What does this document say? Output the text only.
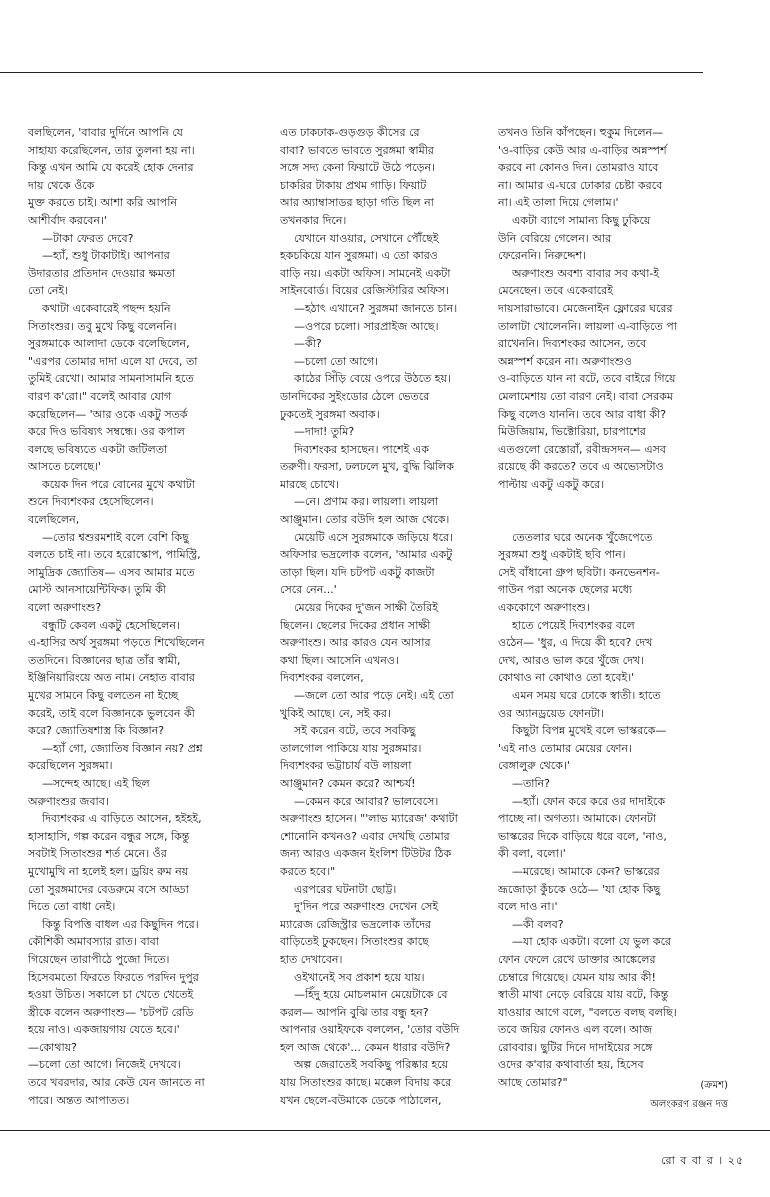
বলছিলেন, 'বাবার দুর্দিনে আপনি যে
সাহায্য করেছিলেন, তার তুলনা হয় না।
কিন্তু এখন আমি যে করেই হোক দেনার
দায় থেকে ওঁকে
মুক্ত করতে চাই। আশা করি আপনি
আশীর্বাদ করবেন।'
—টাকা ফেরত দেবে?
—হ্যাঁ, শুধু টাকাটাই। আপনার
উদারতার প্রতিদান দেওয়ার ক্ষমতা
তো নেই।
কথাটা একেবারেই পছন্দ হয়নি
সিতাংশুর। তবু মুখে কিছু বলেননি।
সুরঙ্গমাকে আলাদা ডেকে বলেছিলেন,
"এরপর তোমার দাদা এলে যা দেবে, তা
তুমিই রেখো। আমার সামনাসামনি হতে
বারণ ক'রো।" বলেই আবার যোগ
করেছিলেন— 'আর ওকে একটু সতর্ক
করে দিও ভবিষ্যৎ সম্বন্ধে। ওর কপাল
বলছে ভবিষ্যতে একটা জটিলতা
আসতে চলেছে।'
কয়েক দিন পরে বোনের মুখে কথাটা
শুনে দিব্যশংকর হেসেছিলেন।
বলেছিলেন,
—তোর শ্বশুরমশাই বলে বেশি কিছু
বলতে চাই না। তবে হরোস্কোপ, পামিস্ট্রি,
সামুদ্রিক জ্যোতিষ— এসব আমার মতে
মোস্ট আনসায়েন্টিফিক। তুমি কী
বলো অরুণাংশু?
বন্ধুটি কেবল একটু হেসেছিলেন।
এ-হাসির অর্থ সুরঙ্গমা পড়তে শিখেছিলেন
ততদিনে। বিজ্ঞানের ছাত্র তাঁর স্বামী,
ইঞ্জিনিয়ারিংয়ে অত নাম। নেহাত বাবার
মুখের সামনে কিছু বলতেন না ইচ্ছে
করেই, তাই বলে বিজ্ঞানকে ভুলবেন কী
করে? জ্যোতিষশাস্ত্র কি বিজ্ঞান?
—হ্যাঁ গো, জ্যোতিষ বিজ্ঞান নয়? প্রশ্ন
করেছিলেন সুরঙ্গমা।
—সন্দেহ আছে। এই ছিল
অরুণাংশুর জবাব।
দিব্যশংকর এ বাড়িতে আসেন, হইহই,
হাসাহাসি, গল্প করেন বন্ধুর সঙ্গে, কিন্তু
সবটাই সিতাংশুর শর্ত মেনে। ওঁর
মুখোমুখি না হলেই হল। ড্রয়িং রুম নয়
তো সুরঙ্গমাদের বেডরুমে বসে আড্ডা
দিতে তো বাধা নেই।
কিন্তু বিপত্তি বাধল এর কিছুদিন পরে।
কৌশিকী অমাবস্যার রাত। বাবা
গিয়েছেন তারাপীঠে পুজো দিতে।
হিসেবমতো ফিরতে ফিরতে পরদিন দুপুর
হওয়া উচিত। সকালে চা খেতে খেতেই
স্ত্রীকে বলেন অরুণাংশু— 'চটপট রেডি
হয়ে নাও। একজায়গায় যেতে হবে।'
—কোথায়?
—চলো তো আগে। নিজেই দেখবে।
তবে খবরদার, আর কেউ যেন জানতে না
পারে। অন্তত আপাতত।
এত ঢাকঢাক-গুড়গুড় কীসের রে
বাবা? ভাবতে ভাবতে সুরঙ্গমা স্বামীর
সঙ্গে সদ্য কেনা ফিয়াটে উঠে পড়েন।
চাকরির টাকায় প্রথম গাড়ি। ফিয়াট
আর অ্যাম্বাসাডর ছাড়া গতি ছিল না
তখনকার দিনে।
যেখানে যাওয়ার, সেখানে পৌঁছেই
হকচকিয়ে যান সুরঙ্গমা। এ তো কারও
বাড়ি নয়। একটা অফিস। সামনেই একটা
সাইনবোর্ড। বিয়ের রেজিস্টারির অফিস।
—হঠাৎ এখানে? সুরঙ্গমা জানতে চান।
—ওপরে চলো। সারপ্রাইজ আছে।
—কী?
—চলো তো আগে।
কাঠের সিঁড়ি বেয়ে ওপরে উঠতে হয়।
ডানদিকের সুইংডোর ঠেলে ভেতরে
ঢুকতেই সুরঙ্গমা অবাক।
—দাদা! তুমি?
দিব্যশংকর হাসছেন। পাশেই এক
তরুণী। ফরসা, ঢলঢলে মুখ, বুদ্ধি ঝিলিক
মারছে চোখে।
—নে। প্রণাম কর। লায়লা। লায়লা
আঞ্জুমান। তোর বউদি হল আজ থেকে।
মেয়েটি এসে সুরঙ্গমাকে জড়িয়ে ধরে।
অফিসার ভদ্রলোক বলেন, 'আমার একটু
তাড়া ছিল। যদি চটপট একটু কাজটা
সেরে নেন...'
মেয়ের দিকের দু'জন সাক্ষী তৈরিই
ছিলেন। ছেলের দিকের প্রধান সাক্ষী
অরুণাংশু। আর কারও যেন আসার
কথা ছিল। আসেনি এখনও।
দিব্যশংকর বললেন,
—জলে তো আর পড়ে নেই। এই তো
খুকিই আছে। নে, সই কর।
সই করেন বটে, তবে সবকিছু
তালগোল পাকিয়ে যায় সুরঙ্গমার।
দিব্যশংকর ভট্টাচার্য বউ লায়লা
আঞ্জুমান? কেমন করে? আশ্চর্য!
—কেমন করে আবার? ভালবেসে।
অরুণাংশু হাসেন। "'লাভ ম্যারেজ' কথাটা
শোনোনি কখনও? এবার দেখছি তোমার
জন্য আরও একজন ইংলিশ টিউটর ঠিক
করতে হবে।"
এরপরের ঘটনাটা ছোট্ট।
দু'দিন পরে অরুণাংশু দেখেন সেই
ম্যারেজ রেজিস্ট্রার ভদ্রলোক তাঁদের
বাড়িতেই ঢুকছেন। সিতাংশুর কাছে
হাত দেখাবেন।
ওইখানেই সব প্রকাশ হয়ে যায়।
—হিঁদু হয়ে মোচলমান মেয়েটাকে বে
করল— আপনি বুঝি তার বন্ধু হন?
আপনার ওয়াইফকে বললেন, 'তোর বউদি
হল আজ থেকে'... কেমন ধারার বউদি?
অল্প জেরাতেই সবকিছু পরিষ্কার হয়ে
যায় সিতাংশুর কাছে। মক্কেল বিদায় করে
যখন ছেলে-বউমাকে ডেকে পাঠালেন,
তখনও তিনি কাঁপছেন। হুকুম দিলেন—
'ও-বাড়ির কেউ আর এ-বাড়ির অন্নস্পর্শ
করবে না কোনও দিন। তোমরাও যাবে
না। আমার এ-ঘরে ঢোকার চেষ্টা করবে
না। এই তালা দিয়ে গেলাম।'
একটা ব্যাগে সামান্য কিছু ঢুকিয়ে
উনি বেরিয়ে গেলেন। আর
ফেরেননি। নিরুদ্দেশ।
অরুণাংশু অবশ্য বাবার সব কথা-ই
মেনেছেন। তবে একেবারেই
দায়সারাভাবে। মেজেনাইন ফ্লোরের ঘরের
তালাটা খোলেননি। লায়লা এ-বাড়িতে পা
রাখেননি। দিব্যশংকর আসেন, তবে
অন্নস্পর্শ করেন না। অরুণাংশুও
ও-বাড়িতে যান না বটে, তবে বাইরে গিয়ে
মেলামেশায় তো বারণ নেই। বাবা সেরকম
কিছু বলেও যাননি। তবে আর বাধা কী?
মিউজিয়াম, ভিক্টোরিয়া, চারপাশের
এতগুলো রেস্তোরাঁ, রবীন্দ্রসদন— এসব
রয়েছে কী করতে? তবে এ অভ্যেসটাও
পাল্টায় একটু একটু করে।
তেতলার ঘরে অনেক খুঁজেপেতে
সুরঙ্গমা শুধু একটাই ছবি পান।
সেই বাঁধানো গ্রুপ ছবিটা। কনভেনশন-
গাউন পরা অনেক ছেলের মধ্যে
এককোণে অরুণাংশু।
হাতে পেয়েই দিব্যশংকর বলে
ওঠেন— 'ধুর, এ দিয়ে কী হবে? দেখ
দেখ, আরও ভাল করে খুঁজে দেখ।
কোথাও না কোথাও তো হবেই।'
এমন সময় ঘরে ঢোকে স্বাতী। হাতে
ওর অ্যানড্রয়েড ফোনটা।
কিছুটা বিপন্ন মুখেই বলে ভাস্করকে—
'এই নাও তোমার মেয়ের ফোন।
বেঙ্গালুরু থেকে।'
—তানি?
—হ্যাঁ। ফোন করে করে ওর দাদাইকে
পাচ্ছে না। অগত্যা। আমাকে। ফোনটা
ভাস্করের দিকে বাড়িয়ে ধরে বলে, 'নাও,
কী বলা, বলো।'
—মরেছে। আমাকে কেন? ভাস্করের
ভ্রূজোড়া কুঁচকে ওঠে— 'যা হোক কিছু
বলে দাও না।'
—কী বলব?
—যা হোক একটা। বলো যে ভুল করে
ফোন ফেলে রেখে ডাক্তার আঙ্কেলের
চেম্বারে গিয়েছে। যেমন যায় আর কী!
স্বাতী মাথা নেড়ে বেরিয়ে যায় বটে, কিন্তু
যাওয়ার আগে বলে, "বলতে বলছ বলছি।
তবে জয়ির ফোনও এল বলে। আজ
রোববার। ছুটির দিনে দাদাইয়ের সঙ্গে
ওদের ক'বার কথাবার্তা হয়, হিসেব
আছে তোমার?"	(ক্রমশ)
অলংকরণ রঞ্জন দত্ত
রো ব বা র । ২৫
